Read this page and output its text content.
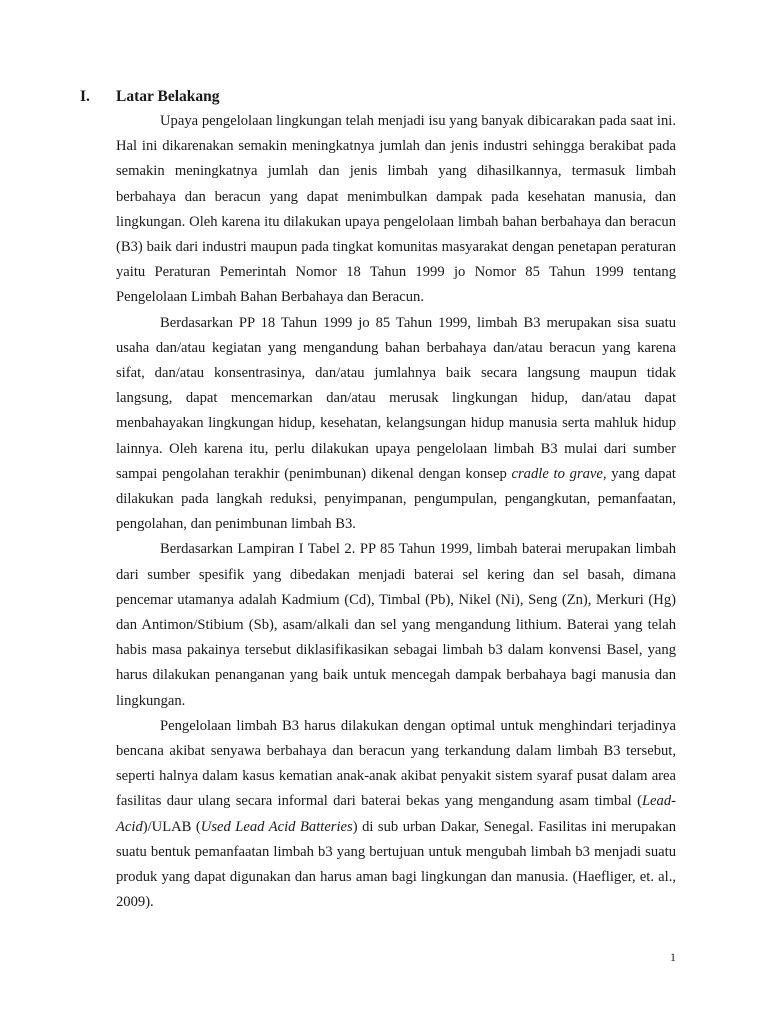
I. Latar Belakang

Upaya pengelolaan lingkungan telah menjadi isu yang banyak dibicarakan pada saat ini. Hal ini dikarenakan semakin meningkatnya jumlah dan jenis industri sehingga berakibat pada semakin meningkatnya jumlah dan jenis limbah yang dihasilkannya, termasuk limbah berbahaya dan beracun yang dapat menimbulkan dampak pada kesehatan manusia, dan lingkungan. Oleh karena itu dilakukan upaya pengelolaan limbah bahan berbahaya dan beracun (B3) baik dari industri maupun pada tingkat komunitas masyarakat dengan penetapan peraturan yaitu Peraturan Pemerintah Nomor 18 Tahun 1999 jo Nomor 85 Tahun 1999 tentang Pengelolaan Limbah Bahan Berbahaya dan Beracun.

Berdasarkan PP 18 Tahun 1999 jo 85 Tahun 1999, limbah B3 merupakan sisa suatu usaha dan/atau kegiatan yang mengandung bahan berbahaya dan/atau beracun yang karena sifat, dan/atau konsentrasinya, dan/atau jumlahnya baik secara langsung maupun tidak langsung, dapat mencemarkan dan/atau merusak lingkungan hidup, dan/atau dapat menbahayakan lingkungan hidup, kesehatan, kelangsungan hidup manusia serta mahluk hidup lainnya. Oleh karena itu, perlu dilakukan upaya pengelolaan limbah B3 mulai dari sumber sampai pengolahan terakhir (penimbunan) dikenal dengan konsep cradle to grave, yang dapat dilakukan pada langkah reduksi, penyimpanan, pengumpulan, pengangkutan, pemanfaatan, pengolahan, dan penimbunan limbah B3.

Berdasarkan Lampiran I Tabel 2. PP 85 Tahun 1999, limbah baterai merupakan limbah dari sumber spesifik yang dibedakan menjadi baterai sel kering dan sel basah, dimana pencemar utamanya adalah Kadmium (Cd), Timbal (Pb), Nikel (Ni), Seng (Zn), Merkuri (Hg) dan Antimon/Stibium (Sb), asam/alkali dan sel yang mengandung lithium. Baterai yang telah habis masa pakainya tersebut diklasifikasikan sebagai limbah b3 dalam konvensi Basel, yang harus dilakukan penanganan yang baik untuk mencegah dampak berbahaya bagi manusia dan lingkungan.

Pengelolaan limbah B3 harus dilakukan dengan optimal untuk menghindari terjadinya bencana akibat senyawa berbahaya dan beracun yang terkandung dalam limbah B3 tersebut, seperti halnya dalam kasus kematian anak-anak akibat penyakit sistem syaraf pusat dalam area fasilitas daur ulang secara informal dari baterai bekas yang mengandung asam timbal (Lead-Acid)/ULAB (Used Lead Acid Batteries) di sub urban Dakar, Senegal. Fasilitas ini merupakan suatu bentuk pemanfaatan limbah b3 yang bertujuan untuk mengubah limbah b3 menjadi suatu produk yang dapat digunakan dan harus aman bagi lingkungan dan manusia. (Haefliger, et. al., 2009).

1
